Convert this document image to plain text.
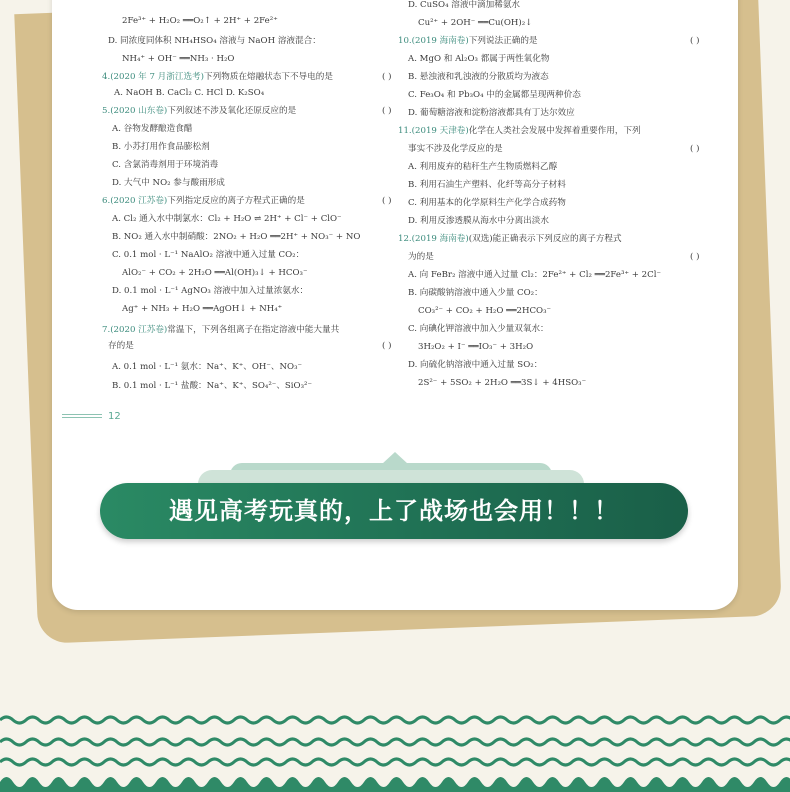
2Fe³⁺ + H₂O₂ ══O₂↑ + 2H⁺ + 2Fe²⁺
D. 同浓度同体积 NH₄HSO₄ 溶液与 NaOH 溶液混合：
NH₄⁺ + OH⁻ ══NH₃ · H₂O
4.(2020 年 7 月浙江选考)下列物质在熔融状态下不导电的是	( )
A. NaOH B. CaCl₂ C. HCl D. K₂SO₄
5.(2020 山东卷)下列叙述不涉及氧化还原反应的是	( )
A. 谷物发酵酿造食醋
B. 小苏打用作食品膨松剂
C. 含氯消毒剂用于环境消毒
D. 大气中 NO₂ 参与酸雨形成
6.(2020 江苏卷)下列指定反应的离子方程式正确的是	( )
A. Cl₂ 通入水中制氯水：Cl₂ + H₂O ⇌ 2H⁺ + Cl⁻ + ClO⁻
B. NO₂ 通入水中制硝酸：2NO₂ + H₂O ══2H⁺ + NO₃⁻ + NO
C. 0.1 mol · L⁻¹ NaAlO₂ 溶液中通入过量 CO₂：
AlO₂⁻ + CO₂ + 2H₂O ══Al(OH)₃↓ + HCO₃⁻
D. 0.1 mol · L⁻¹ AgNO₃ 溶液中加入过量浓氨水：
Ag⁺ + NH₃ + H₂O ══AgOH↓ + NH₄⁺
7.(2020 江苏卷)常温下，下列各组离子在指定溶液中能大量共
存的是	( )
A. 0.1 mol · L⁻¹ 氨水：Na⁺、K⁺、OH⁻、NO₃⁻
B. 0.1 mol · L⁻¹ 盐酸：Na⁺、K⁺、SO₄²⁻、SiO₃²⁻
D. CuSO₄ 溶液中滴加稀氨水
Cu²⁺ + 2OH⁻ ══Cu(OH)₂↓
10.(2019 海南卷)下列说法正确的是	( )
A. MgO 和 Al₂O₃ 都属于两性氧化物
B. 悬浊液和乳浊液的分散质均为液态
C. Fe₃O₄ 和 Pb₃O₄ 中的金属都呈现两种价态
D. 葡萄糖溶液和淀粉溶液都具有丁达尔效应
11.(2019 天津卷)化学在人类社会发展中发挥着重要作用，下列
事实不涉及化学反应的是	( )
A. 利用废弃的秸秆生产生物质燃料乙醇
B. 利用石油生产塑料、化纤等高分子材料
C. 利用基本的化学原料生产化学合成药物
D. 利用反渗透膜从海水中分离出淡水
12.(2019 海南卷)(双选)能正确表示下列反应的离子方程式
为的是	( )
A. 向 FeBr₂ 溶液中通入过量 Cl₂：2Fe²⁺ + Cl₂ ══2Fe³⁺ + 2Cl⁻
B. 向碳酸钠溶液中通入少量 CO₂：
CO₃²⁻ + CO₂ + H₂O ══2HCO₃⁻
C. 向碘化钾溶液中加入少量双氧水：
3H₂O₂ + I⁻ ══IO₃⁻ + 3H₂O
D. 向硫化钠溶液中通入过量 SO₂：
2S²⁻ + 5SO₂ + 2H₂O ══3S↓ + 4HSO₃⁻
12
遇见高考玩真的，上了战场也会用！！！
